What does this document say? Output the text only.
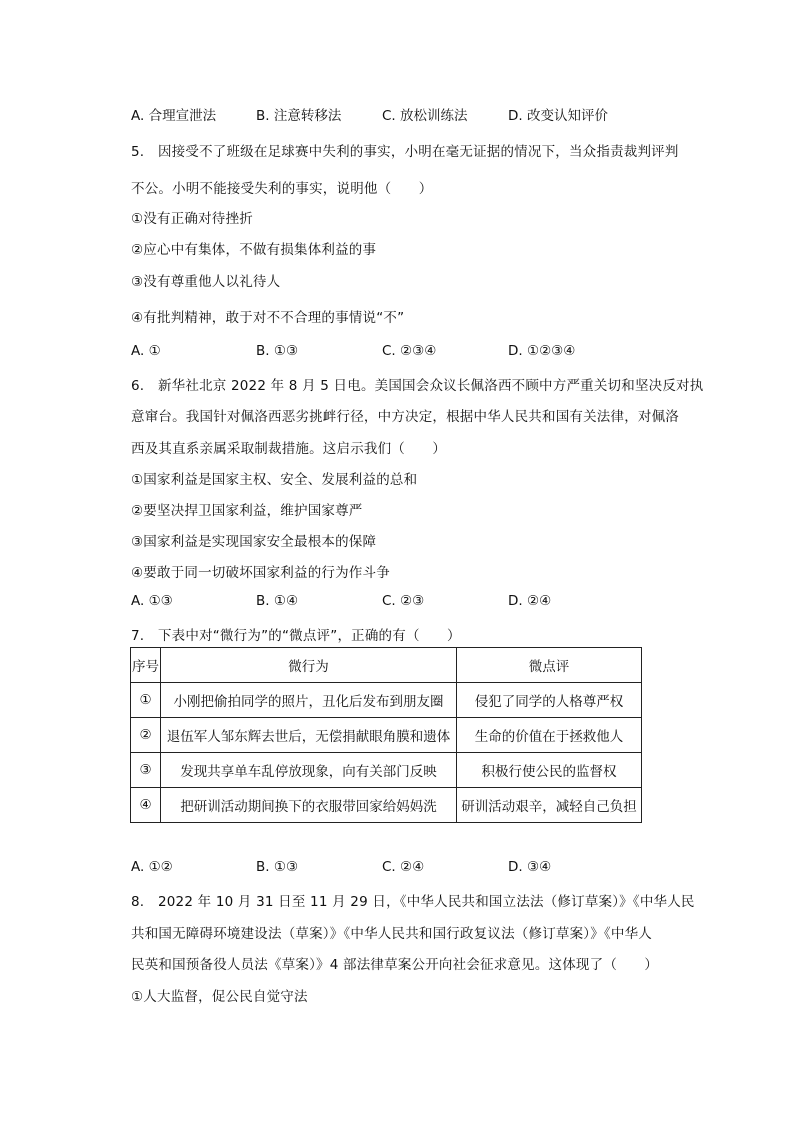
A. 合理宣泄法	B. 注意转移法	C. 放松训练法	D. 改变认知评价
5.　因接受不了班级在足球赛中失利的事实，小明在毫无证据的情况下，当众指责裁判评判
不公。小明不能接受失利的事实，说明他（　　）
①没有正确对待挫折
②应心中有集体，不做有损集体利益的事
③没有尊重他人以礼待人
④有批判精神，敢于对不不合理的事情说“不”
A. ①	B. ①③	C. ②③④	D. ①②③④
6.　新华社北京 2022 年 8 月 5 日电。美国国会众议长佩洛西不顾中方严重关切和坚决反对执
意窜台。我国针对佩洛西恶劣挑衅行径，中方决定，根据中华人民共和国有关法律，对佩洛
西及其直系亲属采取制裁措施。这启示我们（　　）
①国家利益是国家主权、安全、发展利益的总和
②要坚决捍卫国家利益，维护国家尊严
③国家利益是实现国家安全最根本的保障
④要敢于同一切破坏国家利益的行为作斗争
A. ①③	B. ①④	C. ②③	D. ②④
7.　下表中对“微行为”的“微点评”，正确的有（　　）
序号	微行为	微点评
①	小刚把偷拍同学的照片，丑化后发布到朋友圈	侵犯了同学的人格尊严权
②	退伍军人邹东辉去世后，无偿捐献眼角膜和遗体	生命的价值在于拯救他人
③	发现共享单车乱停放现象，向有关部门反映	积极行使公民的监督权
④	把研训活动期间换下的衣服带回家给妈妈洗	研训活动艰辛，减轻自己负担
A. ①②	B. ①③	C. ②④	D. ③④
8.　2022 年 10 月 31 日至 11 月 29 日，《中华人民共和国立法法（修订草案）》《中华人民
共和国无障碍环境建设法（草案）》《中华人民共和国行政复议法（修订草案）》《中华人
民英和国预备役人员法《草案）》4 部法律草案公开向社会征求意见。这体现了（　　）
①人大监督，促公民自觉守法
